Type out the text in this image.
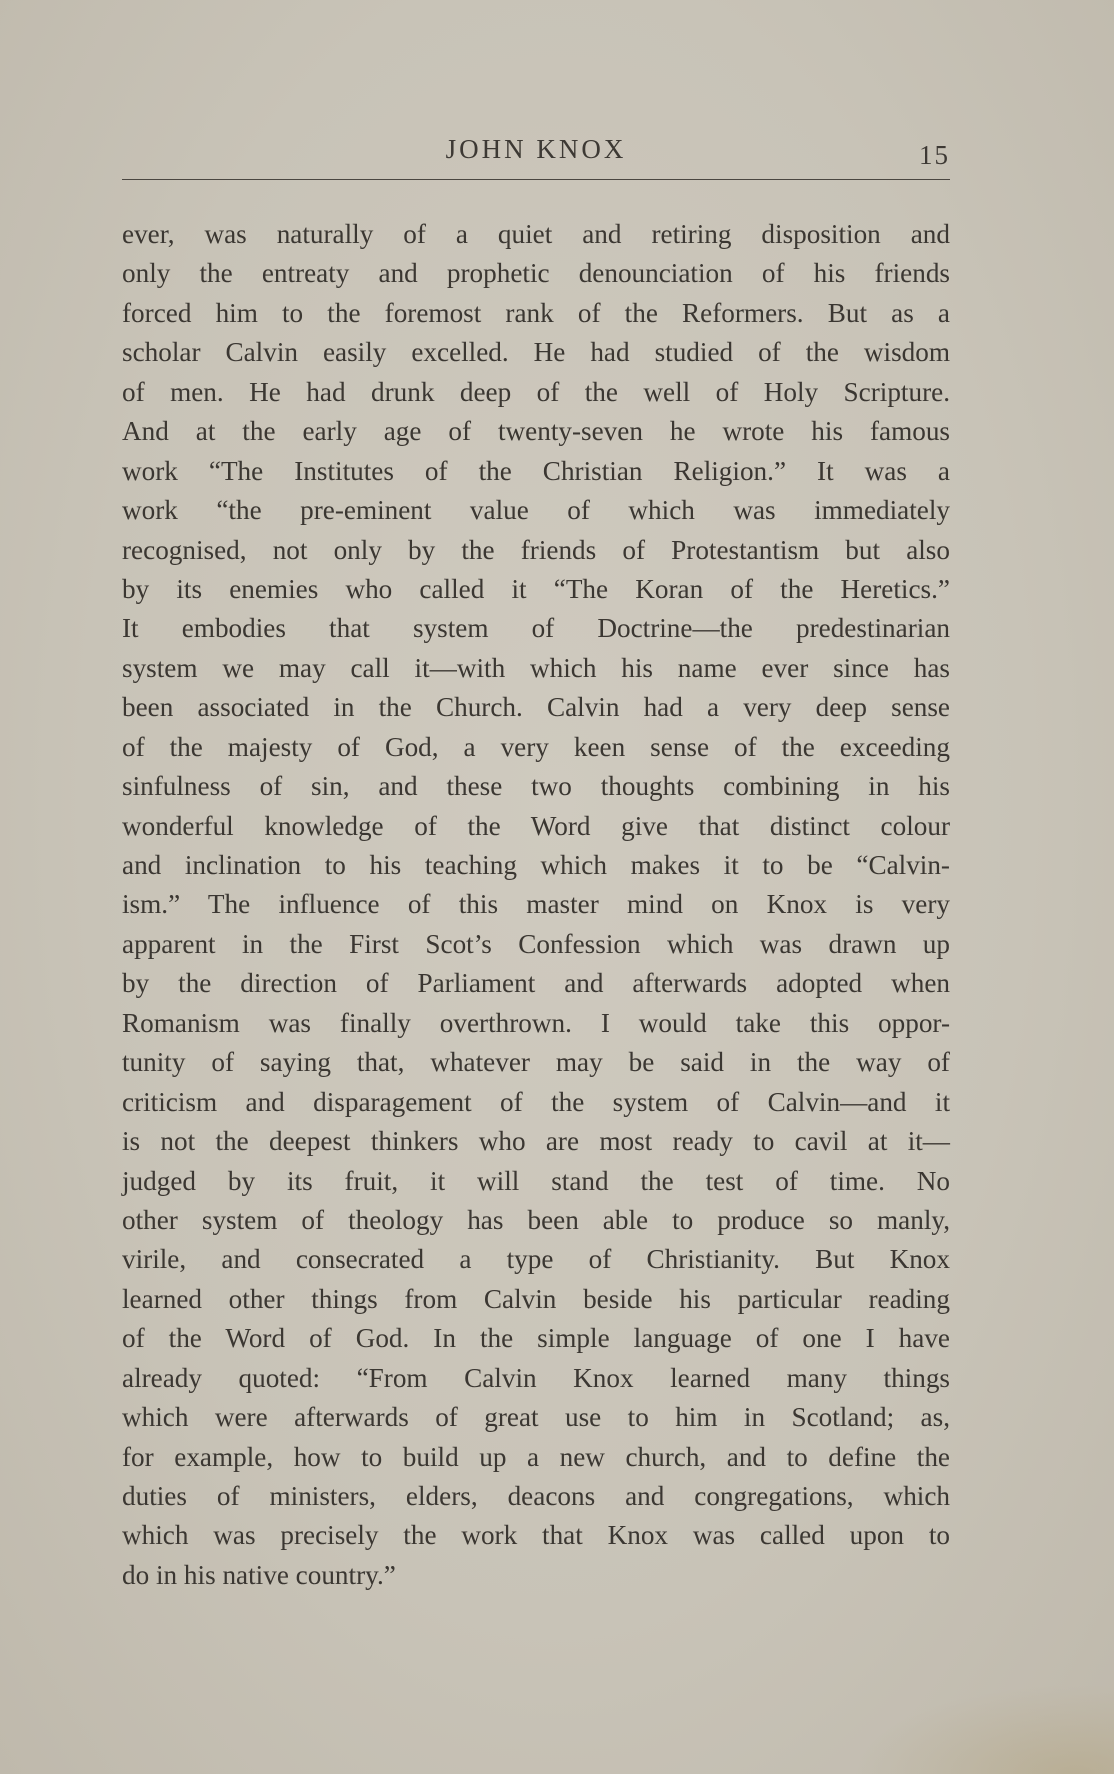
JOHN KNOX	15
ever, was naturally of a quiet and retiring disposition and
only the entreaty and prophetic denounciation of his friends
forced him to the foremost rank of the Reformers. But as a
scholar Calvin easily excelled. He had studied of the wisdom
of men. He had drunk deep of the well of Holy Scripture.
And at the early age of twenty-seven he wrote his famous
work “The Institutes of the Christian Religion.” It was a
work “the pre-eminent value of which was immediately
recognised, not only by the friends of Protestantism but also
by its enemies who called it “The Koran of the Heretics.”
It embodies that system of Doctrine—the predestinarian
system we may call it—with which his name ever since has
been associated in the Church. Calvin had a very deep sense
of the majesty of God, a very keen sense of the exceeding
sinfulness of sin, and these two thoughts combining in his
wonderful knowledge of the Word give that distinct colour
and inclination to his teaching which makes it to be “Calvin-
ism.” The influence of this master mind on Knox is very
apparent in the First Scot’s Confession which was drawn up
by the direction of Parliament and afterwards adopted when
Romanism was finally overthrown. I would take this oppor-
tunity of saying that, whatever may be said in the way of
criticism and disparagement of the system of Calvin—and it
is not the deepest thinkers who are most ready to cavil at it—
judged by its fruit, it will stand the test of time. No
other system of theology has been able to produce so manly,
virile, and consecrated a type of Christianity. But Knox
learned other things from Calvin beside his particular reading
of the Word of God. In the simple language of one I have
already quoted: “From Calvin Knox learned many things
which were afterwards of great use to him in Scotland; as,
for example, how to build up a new church, and to define the
duties of ministers, elders, deacons and congregations, which
which was precisely the work that Knox was called upon to
do in his native country.”
